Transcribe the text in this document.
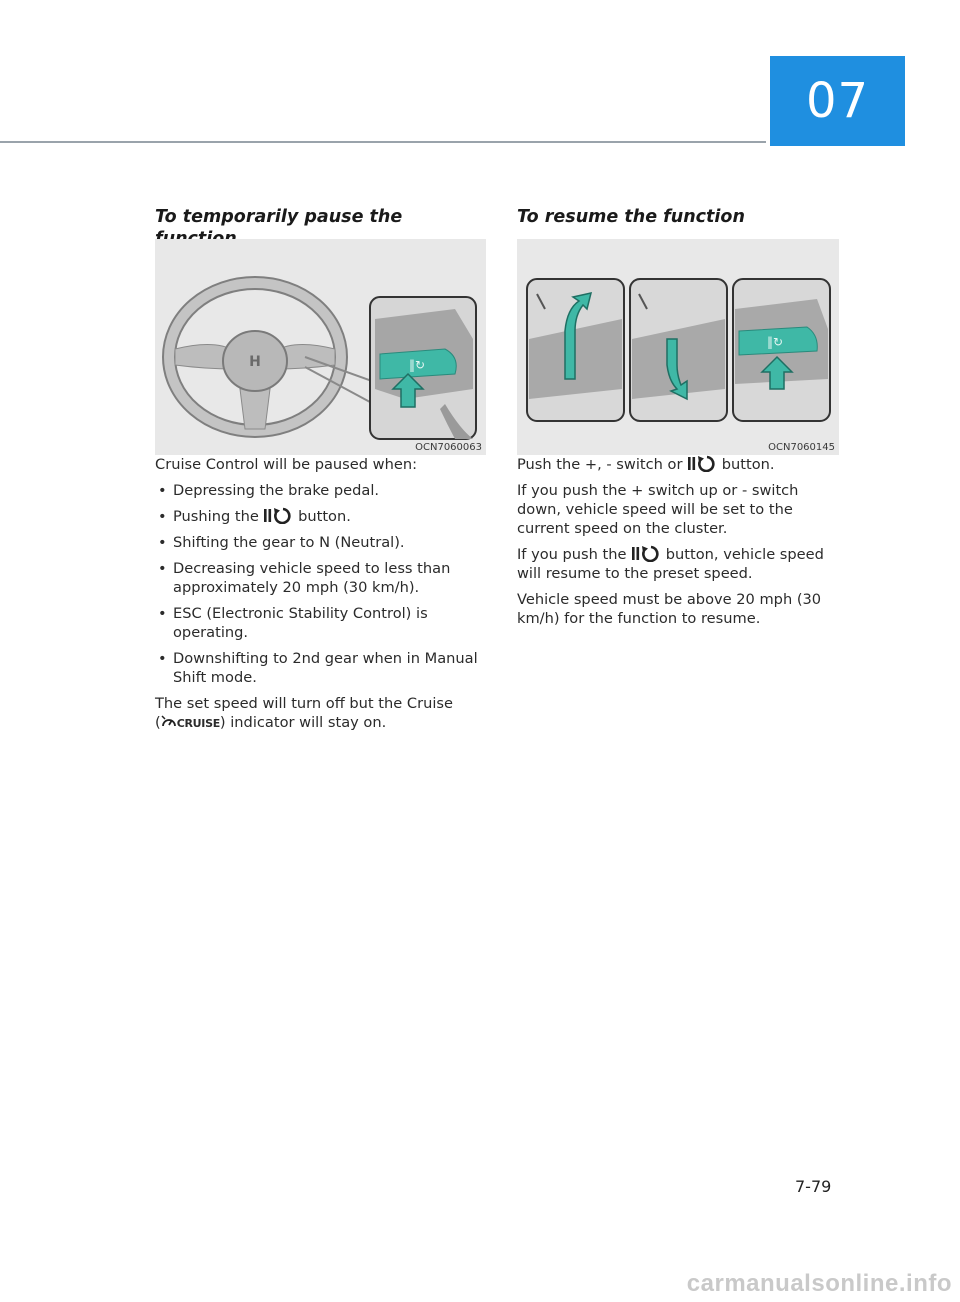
07
To temporarily pause the
H	‖↻
OCN7060063

Cruise Control will be paused when:

• Depressing the brake pedal.
• Pushing the	button.
• Shifting the gear to N (Neutral).
• Decreasing vehicle speed to less than approximately 20 mph (30 km/h).
• ESC (Electronic Stability Control) is operating.
• Downshifting to 2nd gear when in Manual Shift mode.

The set speed will turn off but the Cruise
( CRUISE) indicator will stay on.

To resume the function
‖↻
OCN7060145

Push the +, - switch or	button.

If you push the + switch up or - switch down, vehicle speed will be set to the current speed on the cluster.

If you push the	button, vehicle speed will resume to the preset speed.

Vehicle speed must be above 20 mph (30 km/h) for the function to resume.

7-79
carmanualsonline.info
